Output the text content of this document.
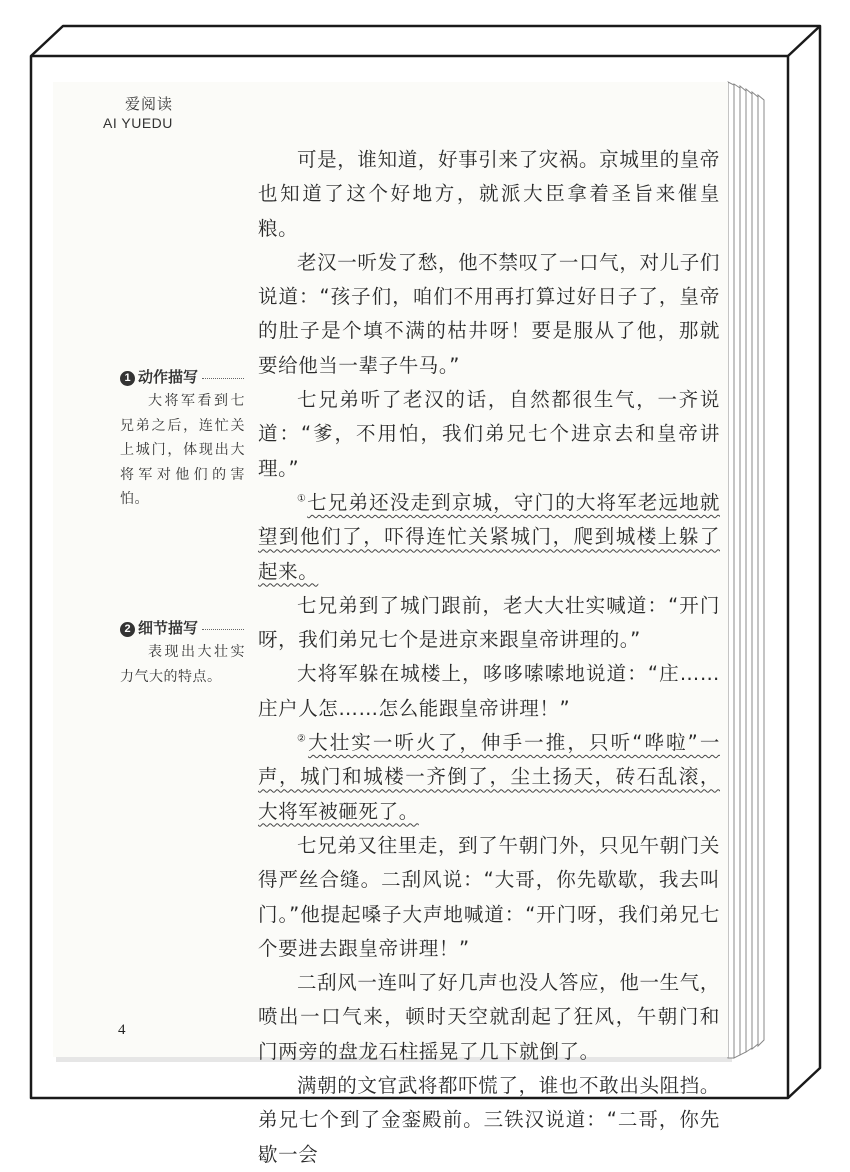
爱阅读
AI YUEDU
1 动作描写
大将军看到七兄弟之后，连忙关上城门，体现出大将军对他们的害怕。
2 细节描写
表现出大壮实力气大的特点。

可是，谁知道，好事引来了灾祸。京城里的皇帝也知道了这个好地方，就派大臣拿着圣旨来催皇粮。

老汉一听发了愁，他不禁叹了一口气，对儿子们说道：“孩子们，咱们不用再打算过好日子了，皇帝的肚子是个填不满的枯井呀！要是服从了他，那就要给他当一辈子牛马。”

七兄弟听了老汉的话，自然都很生气，一齐说道：“爹，不用怕，我们弟兄七个进京去和皇帝讲理。”

①七兄弟还没走到京城，守门的大将军老远地就望到他们了，吓得连忙关紧城门，爬到城楼上躲了起来。

七兄弟到了城门跟前，老大大壮实喊道：“开门呀，我们弟兄七个是进京来跟皇帝讲理的。”

大将军躲在城楼上，哆哆嗦嗦地说道：“庄……庄户人怎……怎么能跟皇帝讲理！”

②大壮实一听火了，伸手一推，只听“哗啦”一声，城门和城楼一齐倒了，尘土扬天，砖石乱滚，大将军被砸死了。

七兄弟又往里走，到了午朝门外，只见午朝门关得严丝合缝。二刮风说：“大哥，你先歇歇，我去叫门。”他提起嗓子大声地喊道：“开门呀，我们弟兄七个要进去跟皇帝讲理！”

二刮风一连叫了好几声也没人答应，他一生气，喷出一口气来，顿时天空就刮起了狂风，午朝门和门两旁的盘龙石柱摇晃了几下就倒了。

满朝的文官武将都吓慌了，谁也不敢出头阻挡。弟兄七个到了金銮殿前。三铁汉说道：“二哥，你先歇一会

4
